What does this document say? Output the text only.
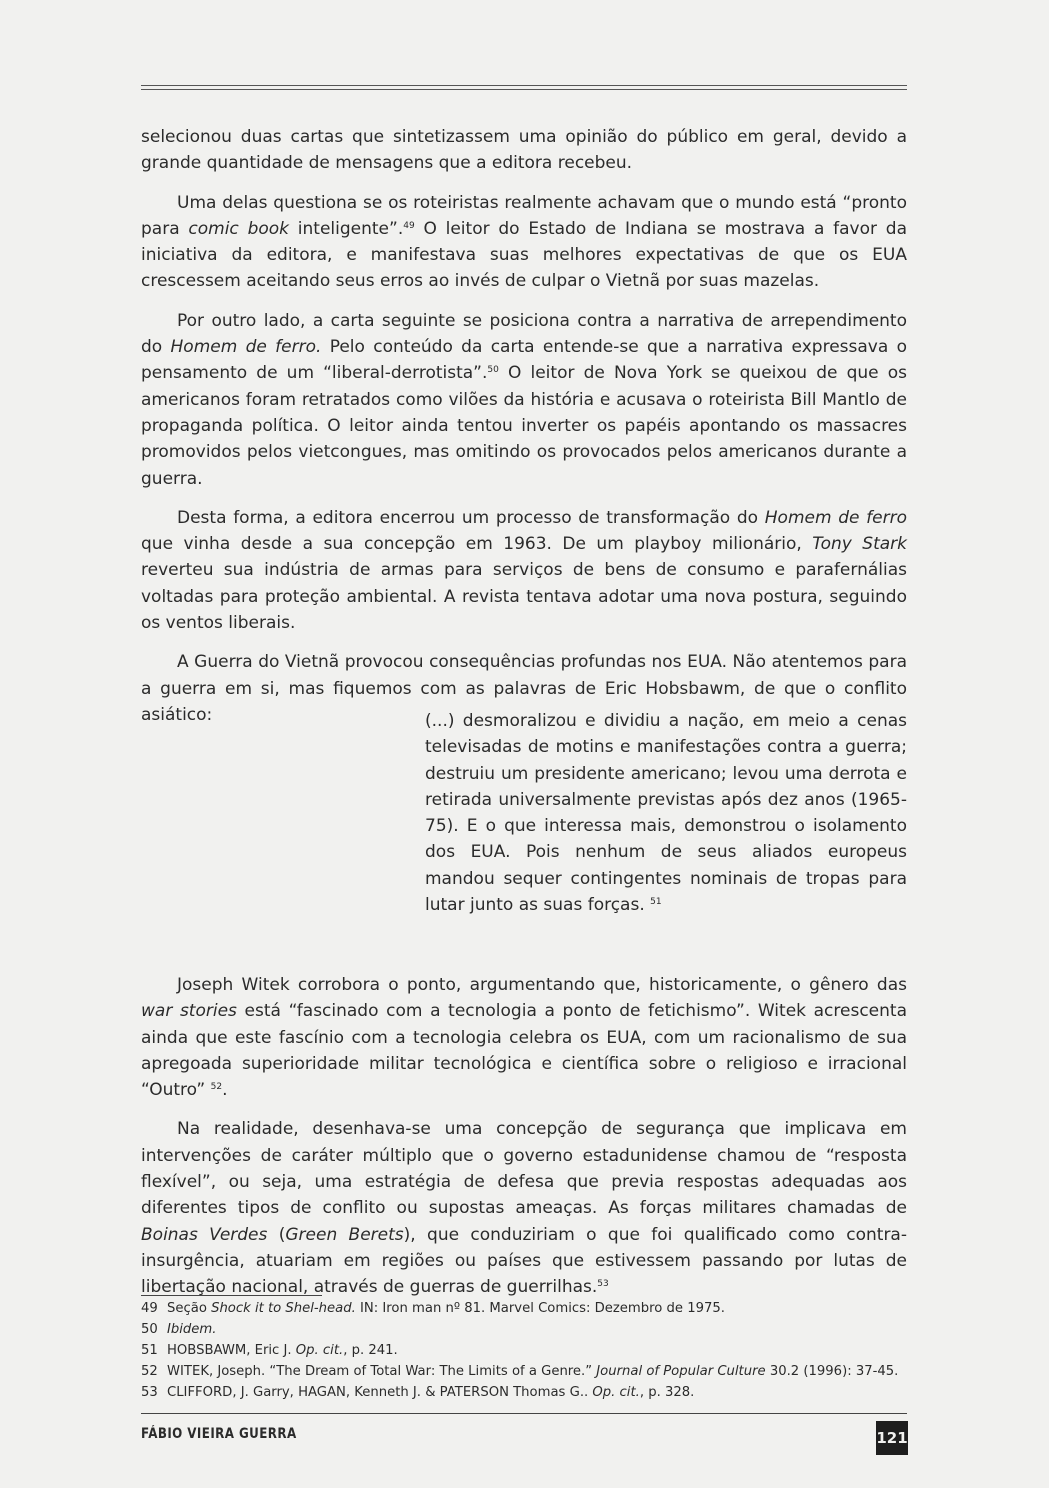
selecionou duas cartas que sintetizassem uma opinião do público em geral, devido a grande quantidade de mensagens que a editora recebeu.

Uma delas questiona se os roteiristas realmente achavam que o mundo está “pronto para comic book inteligente”.$^{49}$ O leitor do Estado de Indiana se mostrava a favor da iniciativa da editora, e manifestava suas melhores expectativas de que os EUA crescessem aceitando seus erros ao invés de culpar o Vietnã por suas mazelas.

Por outro lado, a carta seguinte se posiciona contra a narrativa de arrependimento do Homem de ferro. Pelo conteúdo da carta entende-se que a narrativa expressava o pensamento de um “liberal-derrotista”.$^{50}$ O leitor de Nova York se queixou de que os americanos foram retratados como vilões da história e acusava o roteirista Bill Mantlo de propaganda política. O leitor ainda tentou inverter os papéis apontando os massacres promovidos pelos vietcongues, mas omitindo os provocados pelos americanos durante a guerra.

Desta forma, a editora encerrou um processo de transformação do Homem de ferro que vinha desde a sua concepção em 1963. De um playboy milionário, Tony Stark reverteu sua indústria de armas para serviços de bens de consumo e parafernálias voltadas para proteção ambiental. A revista tentava adotar uma nova postura, seguindo os ventos liberais.

A Guerra do Vietnã provocou consequências profundas nos EUA. Não atentemos para a guerra em si, mas fiquemos com as palavras de Eric Hobsbawm, de que o conflito asiático:	(...) desmoralizou e dividiu a nação, em meio a cenas televisadas de motins e manifestações contra a guerra; destruiu um presidente americano; levou uma derrota e retirada universalmente previstas após dez anos (1965-75). E o que interessa mais, demonstrou o isolamento dos EUA. Pois nenhum de seus aliados europeus mandou sequer contingentes nominais de tropas para lutar junto as suas forças. $^{51}$

Joseph Witek corrobora o ponto, argumentando que, historicamente, o gênero das war stories está “fascinado com a tecnologia a ponto de fetichismo”. Witek acrescenta ainda que este fascínio com a tecnologia celebra os EUA, com um racionalismo de sua apregoada superioridade militar tecnológica e científica sobre o religioso e irracional “Outro” $^{52}$.

Na realidade, desenhava-se uma concepção de segurança que implicava em intervenções de caráter múltiplo que o governo estadunidense chamou de “resposta flexível”, ou seja, uma estratégia de defesa que previa respostas adequadas aos diferentes tipos de conflito ou supostas ameaças. As forças militares chamadas de Boinas Verdes (Green Berets), que conduziriam o que foi qualificado como contra-insurgência, atuariam em regiões ou países que estivessem passando por lutas de libertação nacional, através de guerras de guerrilhas.$^{53}$

49 Seção Shock it to Shel-head. IN: Iron man nº 81. Marvel Comics: Dezembro de 1975.
50 Ibidem.
51 HOBSBAWM, Eric J. Op. cit., p. 241.
52 WITEK, Joseph. “The Dream of Total War: The Limits of a Genre.” Journal of Popular Culture 30.2 (1996): 37-45.
53 CLIFFORD, J. Garry, HAGAN, Kenneth J. & PATERSON Thomas G.. Op. cit., p. 328.
FÁBIO VIEIRA GUERRA	121
